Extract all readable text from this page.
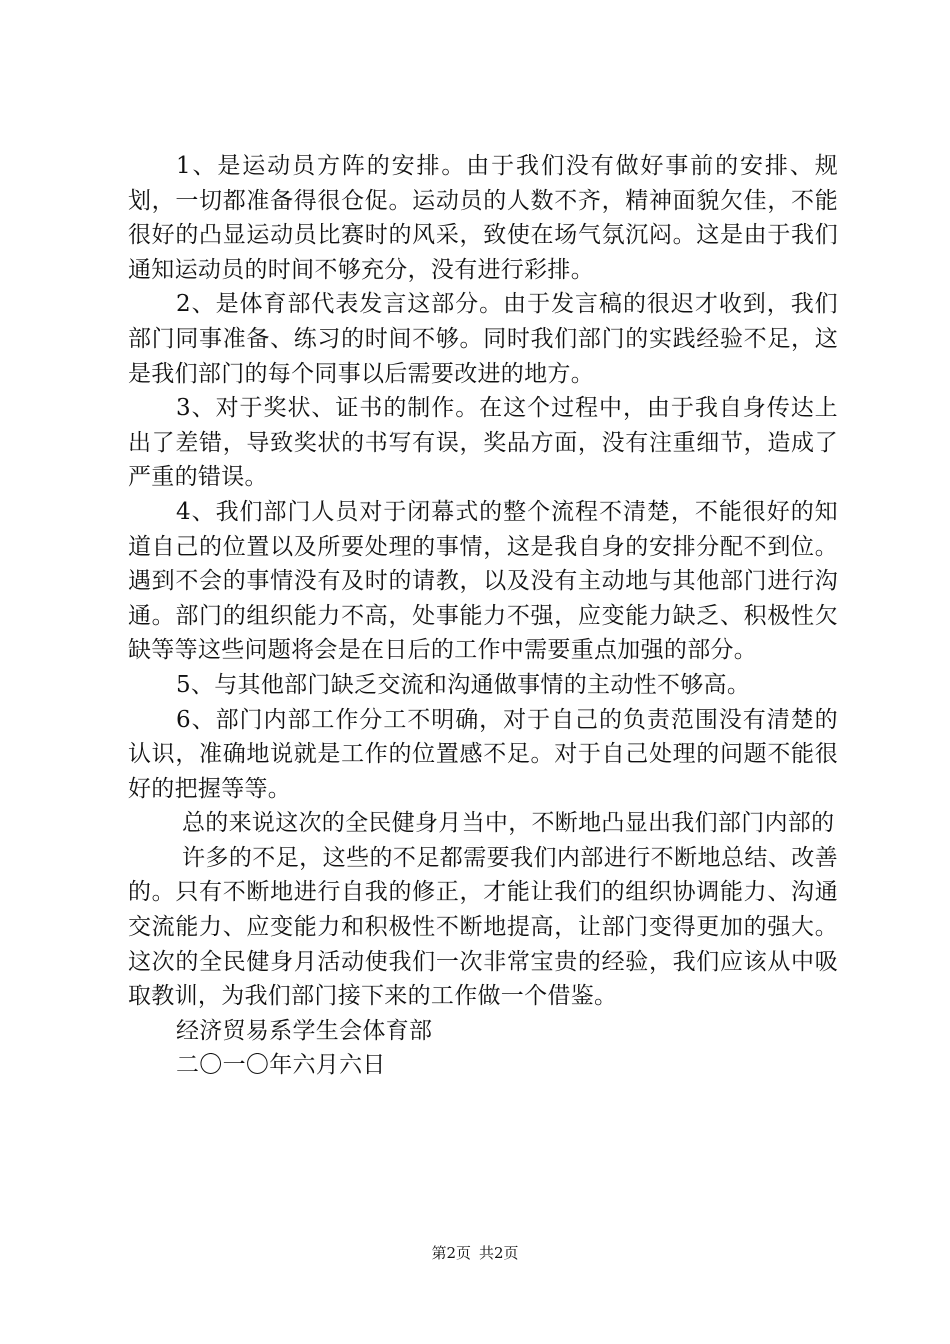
1、是运动员方阵的安排。由于我们没有做好事前的安排、规划，一切都准备得很仓促。运动员的人数不齐，精神面貌欠佳，不能很好的凸显运动员比赛时的风采，致使在场气氛沉闷。这是由于我们通知运动员的时间不够充分，没有进行彩排。

2、是体育部代表发言这部分。由于发言稿的很迟才收到，我们部门同事准备、练习的时间不够。同时我们部门的实践经验不足，这是我们部门的每个同事以后需要改进的地方。

3、对于奖状、证书的制作。在这个过程中，由于我自身传达上出了差错，导致奖状的书写有误，奖品方面，没有注重细节，造成了严重的错误。

4、我们部门人员对于闭幕式的整个流程不清楚，不能很好的知道自己的位置以及所要处理的事情，这是我自身的安排分配不到位。遇到不会的事情没有及时的请教，以及没有主动地与其他部门进行沟通。部门的组织能力不高，处事能力不强，应变能力缺乏、积极性欠缺等等这些问题将会是在日后的工作中需要重点加强的部分。

5、与其他部门缺乏交流和沟通做事情的主动性不够高。

6、部门内部工作分工不明确，对于自己的负责范围没有清楚的认识，准确地说就是工作的位置感不足。对于自己处理的问题不能很好的把握等等。

总的来说这次的全民健身月当中，不断地凸显出我们部门内部的

许多的不足，这些的不足都需要我们内部进行不断地总结、改善的。只有不断地进行自我的修正，才能让我们的组织协调能力、沟通交流能力、应变能力和积极性不断地提高，让部门变得更加的强大。这次的全民健身月活动使我们一次非常宝贵的经验，我们应该从中吸取教训，为我们部门接下来的工作做一个借鉴。

经济贸易系学生会体育部

二〇一〇年六月六日

第2页 共2页
